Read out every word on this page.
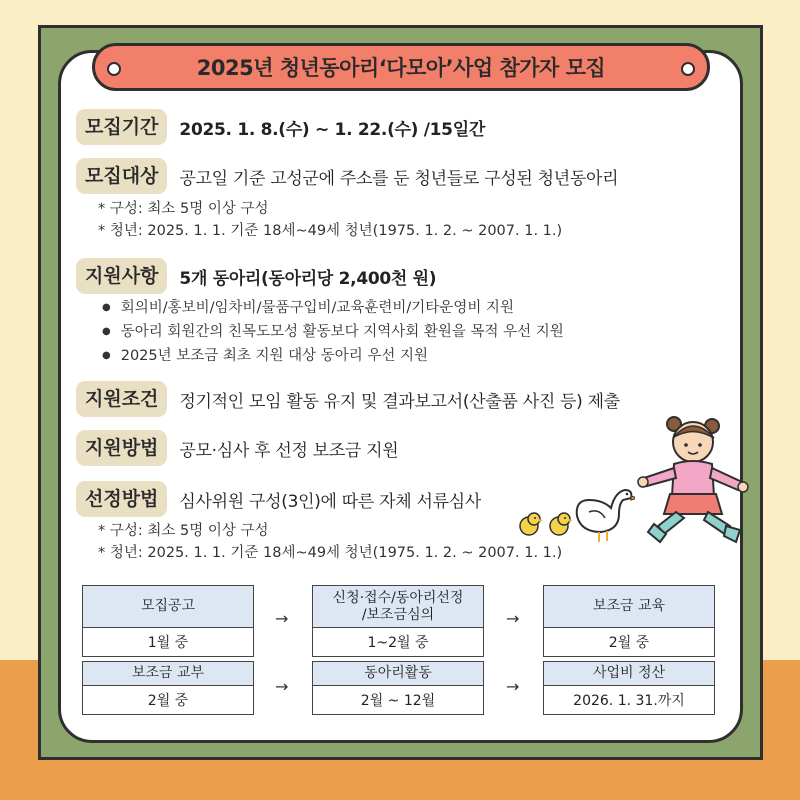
2025년 청년동아리‘다모아’사업 참가자 모집
모집기간	2025. 1. 8.(수) ~ 1. 22.(수) /15일간
모집대상	공고일 기준 고성군에 주소를 둔 청년들로 구성된 청년동아리
* 구성: 최소 5명 이상 구성
* 청년: 2025. 1. 1. 기준 18세~49세 청년(1975. 1. 2. ~ 2007. 1. 1.)
지원사항	5개 동아리(동아리당 2,400천 원)
● 회의비/홍보비/임차비/물품구입비/교육훈련비/기타운영비 지원
● 동아리 회원간의 친목도모성 활동보다 지역사회 환원을 목적 우선 지원
● 2025년 보조금 최초 지원 대상 동아리 우선 지원
지원조건	정기적인 모임 활동 유지 및 결과보고서(산출품 사진 등) 제출
지원방법	공모·심사 후 선정 보조금 지원
선정방법	심사위원 구성(3인)에 따른 자체 서류심사
* 구성: 최소 5명 이상 구성
* 청년: 2025. 1. 1. 기준 18세~49세 청년(1975. 1. 2. ~ 2007. 1. 1.)
모집공고
1월 중
→
신청·접수/동아리선정
/보조금심의
1~2월 중
→
보조금 교육
2월 중
보조금 교부
2월 중
→
동아리활동
2월 ~ 12월
→
사업비 정산
2026. 1. 31.까지
